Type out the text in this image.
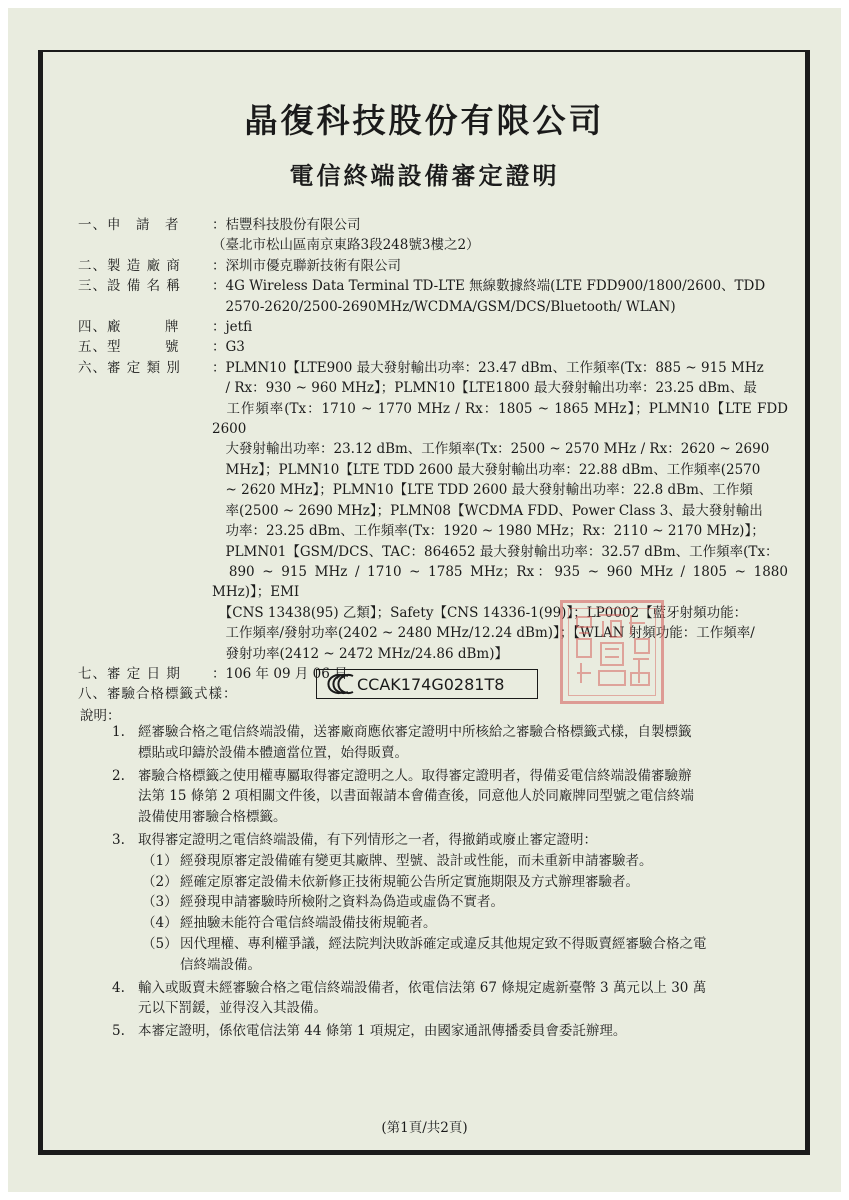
晶復科技股份有限公司
電信終端設備審定證明
一、申　請　者	：桔豐科技股份有限公司
（臺北市松山區南京東路3段248號3樓之2）
二、製 造 廠 商	：深圳市優克聯新技術有限公司
三、設 備 名 稱	：4G Wireless Data Terminal TD-LTE 無線數據終端(LTE FDD900/1800/2600、TDD
　2570-2620/2500-2690MHz/WCDMA/GSM/DCS/Bluetooth/ WLAN)
四、廠　　　牌	：jetfi
五、型　　　號	：G3
六、審 定 類 別	：PLMN10【LTE900 最大發射輸出功率：23.47 dBm、工作頻率(Tx：885 ~ 915 MHz
　/ Rx：930 ~ 960 MHz】；PLMN10【LTE1800 最大發射輸出功率：23.25 dBm、最
　工作頻率(Tx：1710 ~ 1770 MHz / Rx：1805 ~ 1865 MHz】；PLMN10【LTE FDD 2600
　大發射輸出功率：23.12 dBm、工作頻率(Tx：2500 ~ 2570 MHz / Rx：2620 ~ 2690
　MHz】；PLMN10【LTE TDD 2600 最大發射輸出功率：22.88 dBm、工作頻率(2570
　~ 2620 MHz】；PLMN10【LTE TDD 2600 最大發射輸出功率：22.8 dBm、工作頻
　率(2500 ~ 2690 MHz】；PLMN08【WCDMA FDD、Power Class 3、最大發射輸出
　功率：23.25 dBm、工作頻率(Tx：1920 ~ 1980 MHz；Rx：2110 ~ 2170 MHz)】；
　PLMN01【GSM/DCS、TAC：864652 最大發射輸出功率：32.57 dBm、工作頻率(Tx：
　890 ~ 915 MHz / 1710 ~ 1785 MHz；Rx：935 ~ 960 MHz / 1805 ~ 1880 MHz)】；EMI
　【CNS 13438(95) 乙類】；Safety【CNS 14336-1(99)】；LP0002【藍牙射頻功能：
　工作頻率/發射功率(2402 ~ 2480 MHz/12.24 dBm)】；【WLAN 射頻功能：工作頻率/
　發射功率(2412 ~ 2472 MHz/24.86 dBm)】
七、審 定 日 期	：106 年 09 月 06 日
八、審驗合格標籤式樣：
CCAK174G0281T8
說明：
1. 經審驗合格之電信終端設備，送審廠商應依審定證明中所核給之審驗合格標籤式樣，自製標籤
標貼或印鑄於設備本體適當位置，始得販賣。
2. 審驗合格標籤之使用權專屬取得審定證明之人。取得審定證明者，得備妥電信終端設備審驗辦
法第 15 條第 2 項相關文件後，以書面報請本會備查後，同意他人於同廠牌同型號之電信終端
設備使用審驗合格標籤。
3. 取得審定證明之電信終端設備，有下列情形之一者，得撤銷或廢止審定證明：
（1） 經發現原審定設備確有變更其廠牌、型號、設計或性能，而未重新申請審驗者。
（2） 經確定原審定設備未依新修正技術規範公告所定實施期限及方式辦理審驗者。
（3） 經發現申請審驗時所檢附之資料為偽造或虛偽不實者。
（4） 經抽驗未能符合電信終端設備技術規範者。
（5） 因代理權、專利權爭議，經法院判決敗訴確定或違反其他規定致不得販賣經審驗合格之電
信終端設備。
4. 輸入或販賣未經審驗合格之電信終端設備者，依電信法第 67 條規定處新臺幣 3 萬元以上 30 萬
元以下罰鍰，並得沒入其設備。
5. 本審定證明，係依電信法第 44 條第 1 項規定，由國家通訊傳播委員會委託辦理。
(第1頁/共2頁)
